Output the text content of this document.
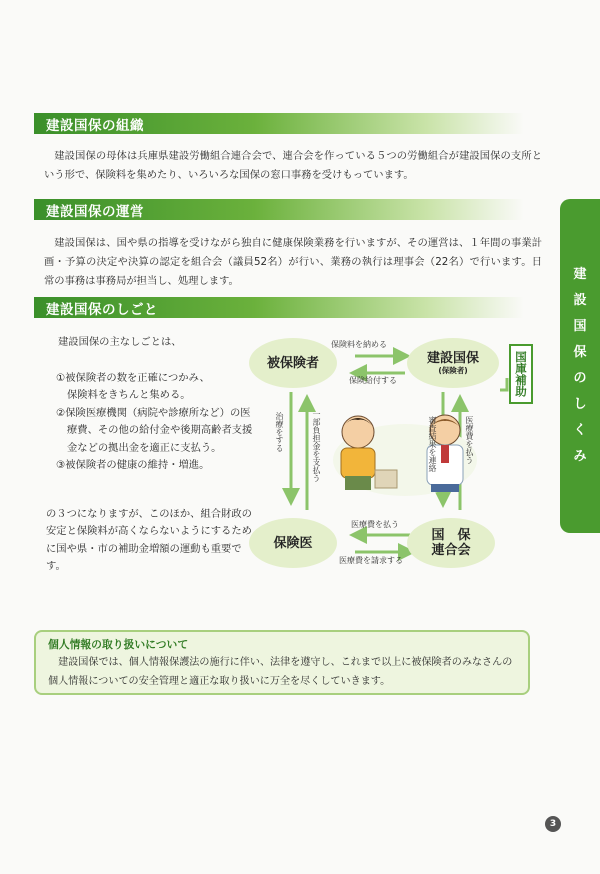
建設国保の組織

建設国保の母体は兵庫県建設労働組合連合会で、連合会を作っている５つの労働組合が建設国保の支所という形で、保険料を集めたり、いろいろな国保の窓口事務を受けもっています。

建設国保の運営

建設国保は、国や県の指導を受けながら独自に健康保険業務を行いますが、その運営は、１年間の事業計画・予算の決定や決算の認定を組合会（議員52名）が行い、業務の執行は理事会（22名）で行います。日常の事務は事務局が担当し、処理します。

建設国保のしごと
建設国保の主なしごとは、
①被保険者の数を正確につかみ、
保険料をきちんと集める。
②保険医療機関（病院や診療所など）の医療費、その他の給付金や後期高齢者支援金などの拠出金を適正に支払う。
③被保険者の健康の維持・増進。
の３つになりますが、このほか、組合財政の安定と保険料が高くならないようにするために国や県・市の補助金増額の運動も重要です。
建
設
国
保
の
し
く
み
被保険者	建設国保
(保険者)
保険医	国　保
連合会
保険料を納める
保険給付する
治療をする	一部負担金を支払う	審査結果を連絡	医療費を払う
医療費を払う
医療費を請求する
国庫補助
個人情報の取り扱いについて

建設国保では、個人情報保護法の施行に伴い、法律を遵守し、これまで以上に被保険者のみなさんの個人情報についての安全管理と適正な取り扱いに万全を尽くしていきます。

3
